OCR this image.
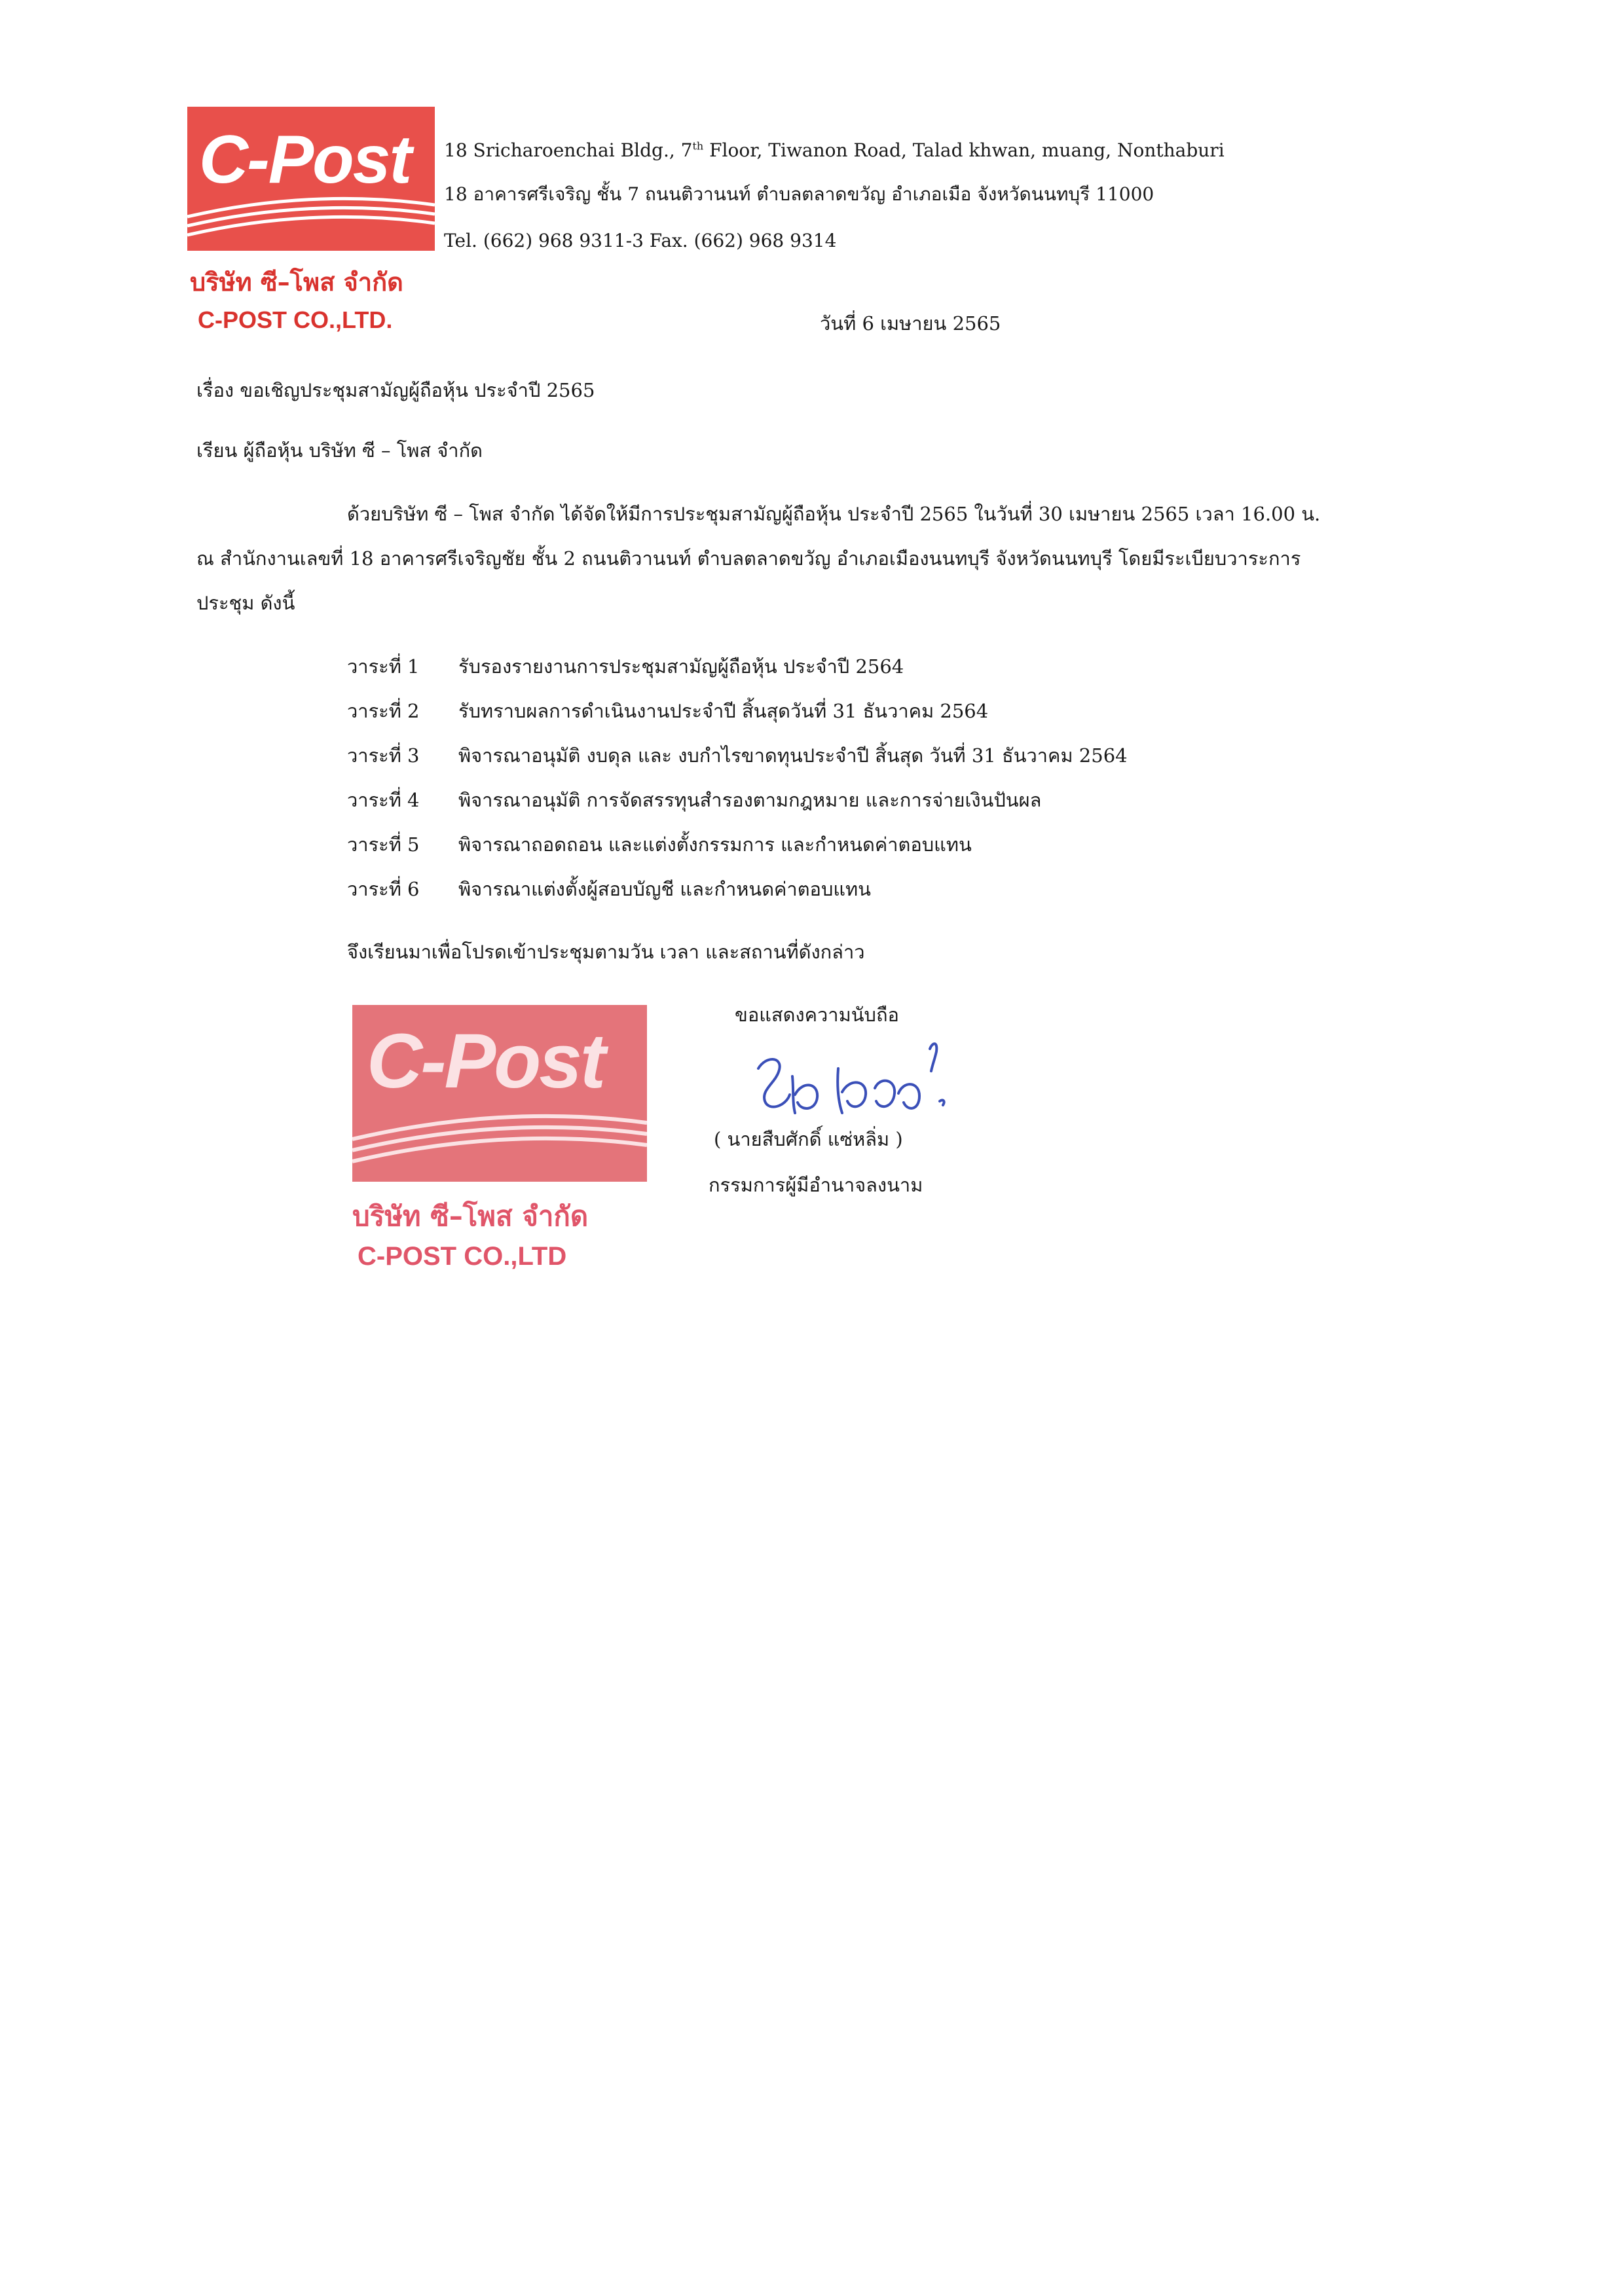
C-Post
บริษัท ซี–โพส จำกัด
C-POST CO.,LTD.
18 Sricharoenchai Bldg., 7th Floor, Tiwanon Road, Talad khwan, muang, Nonthaburi
18 อาคารศรีเจริญ ชั้น 7 ถนนติวานนท์ ตำบลตลาดขวัญ อำเภอเมือ จังหวัดนนทบุรี 11000
Tel. (662) 968 9311-3 Fax. (662) 968 9314
วันที่ 6 เมษายน 2565
เรื่อง ขอเชิญประชุมสามัญผู้ถือหุ้น ประจำปี 2565
เรียน ผู้ถือหุ้น บริษัท ซี – โพส จำกัด
ด้วยบริษัท ซี – โพส จำกัด ได้จัดให้มีการประชุมสามัญผู้ถือหุ้น ประจำปี 2565 ในวันที่ 30 เมษายน 2565 เวลา 16.00 น.
ณ สำนักงานเลขที่ 18 อาคารศรีเจริญชัย ชั้น 2 ถนนติวานนท์ ตำบลตลาดขวัญ อำเภอเมืองนนทบุรี จังหวัดนนทบุรี โดยมีระเบียบวาระการ
ประชุม ดังนี้
วาระที่ 1 รับรองรายงานการประชุมสามัญผู้ถือหุ้น ประจำปี 2564
วาระที่ 2 รับทราบผลการดำเนินงานประจำปี สิ้นสุดวันที่ 31 ธันวาคม 2564
วาระที่ 3 พิจารณาอนุมัติ งบดุล และ งบกำไรขาดทุนประจำปี สิ้นสุด วันที่ 31 ธันวาคม 2564
วาระที่ 4 พิจารณาอนุมัติ การจัดสรรทุนสำรองตามกฎหมาย และการจ่ายเงินปันผล
วาระที่ 5 พิจารณาถอดถอน และแต่งตั้งกรรมการ และกำหนดค่าตอบแทน
วาระที่ 6 พิจารณาแต่งตั้งผู้สอบบัญชี และกำหนดค่าตอบแทน
จึงเรียนมาเพื่อโปรดเข้าประชุมตามวัน เวลา และสถานที่ดังกล่าว
C-Post
บริษัท ซี–โพส จำกัด
C-POST CO.,LTD
ขอแสดงความนับถือ
( นายสืบศักดิ์ แซ่หลิ่ม )
กรรมการผู้มีอำนาจลงนาม
